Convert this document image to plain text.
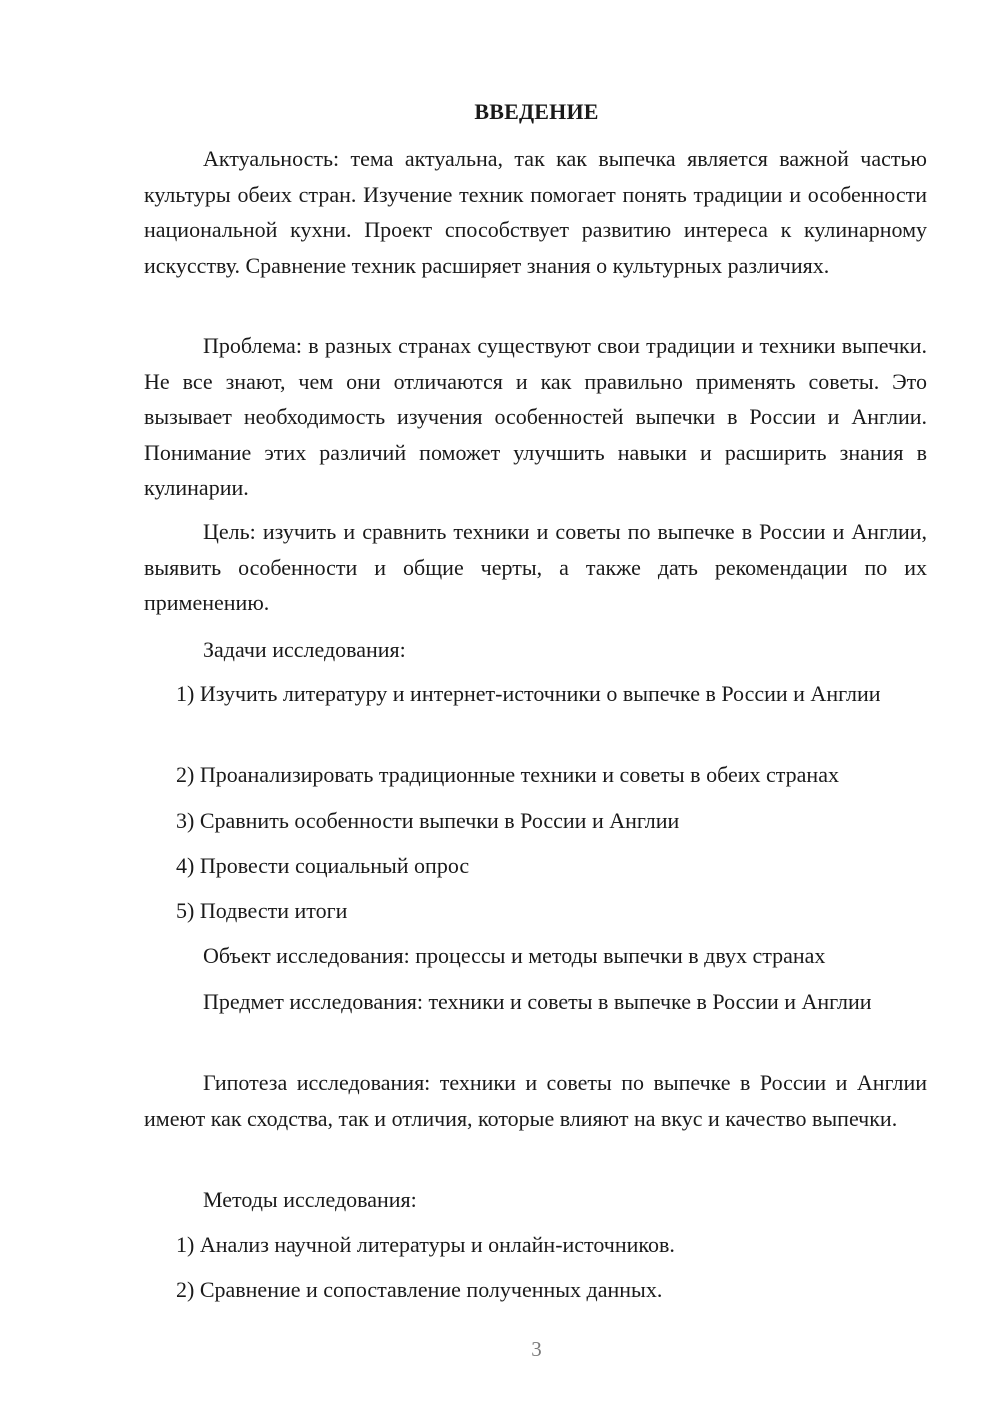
ВВЕДЕНИЕ

Актуальность: тема актуальна, так как выпечка является важной частью культуры обеих стран. Изучение техник помогает понять традиции и особенности национальной кухни. Проект способствует развитию интереса к кулинарному искусству. Сравнение техник расширяет знания о культурных различиях.

Проблема: в разных странах существуют свои традиции и техники выпечки. Не все знают, чем они отличаются и как правильно применять советы. Это вызывает необходимость изучения особенностей выпечки в России и Англии. Понимание этих различий поможет улучшить навыки и расширить знания в кулинарии.

Цель: изучить и сравнить техники и советы по выпечке в России и Англии, выявить особенности и общие черты, а также дать рекомендации по их применению.

Задачи исследования:

1) Изучить литературу и интернет-источники о выпечке в России и Англии

2) Проанализировать традиционные техники и советы в обеих странах

3) Сравнить особенности выпечки в России и Англии

4) Провести социальный опрос

5) Подвести итоги

Объект исследования: процессы и методы выпечки в двух странах

Предмет исследования: техники и советы в выпечке в России и Англии

Гипотеза исследования: техники и советы по выпечке в России и Англии имеют как сходства, так и отличия, которые влияют на вкус и качество выпечки.

Методы исследования:

1) Анализ научной литературы и онлайн-источников.

2) Сравнение и сопоставление полученных данных.

3
